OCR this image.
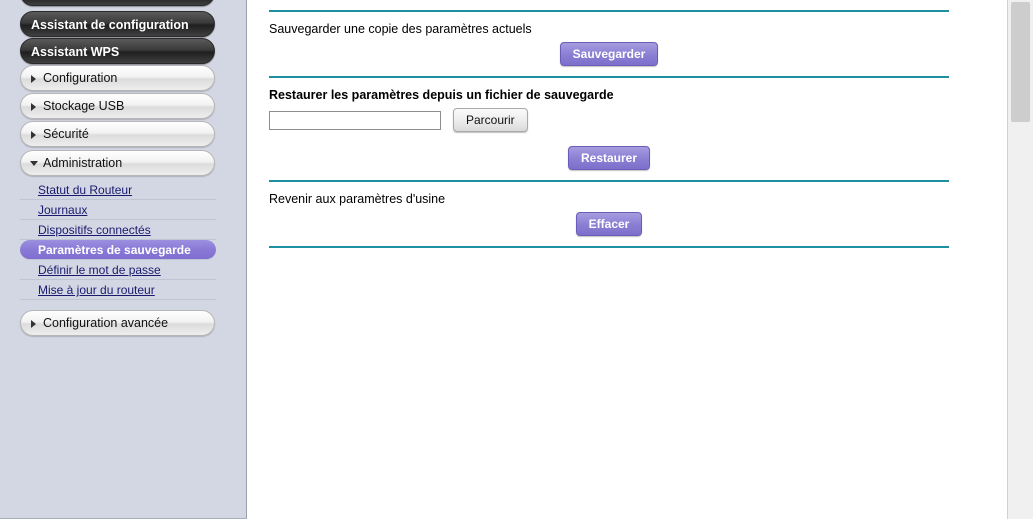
Assistant de configuration
Assistant WPS
Configuration
Stockage USB
Sécurité
Administration
Statut du Routeur
Journaux
Dispositifs connectés
Paramètres de sauvegarde
Définir le mot de passe
Mise à jour du routeur
Configuration avancée
Sauvegarder une copie des paramètres actuels
Sauvegarder
Restaurer les paramètres depuis un fichier de sauvegarde
Parcourir
Restaurer
Revenir aux paramètres d'usine
Effacer
